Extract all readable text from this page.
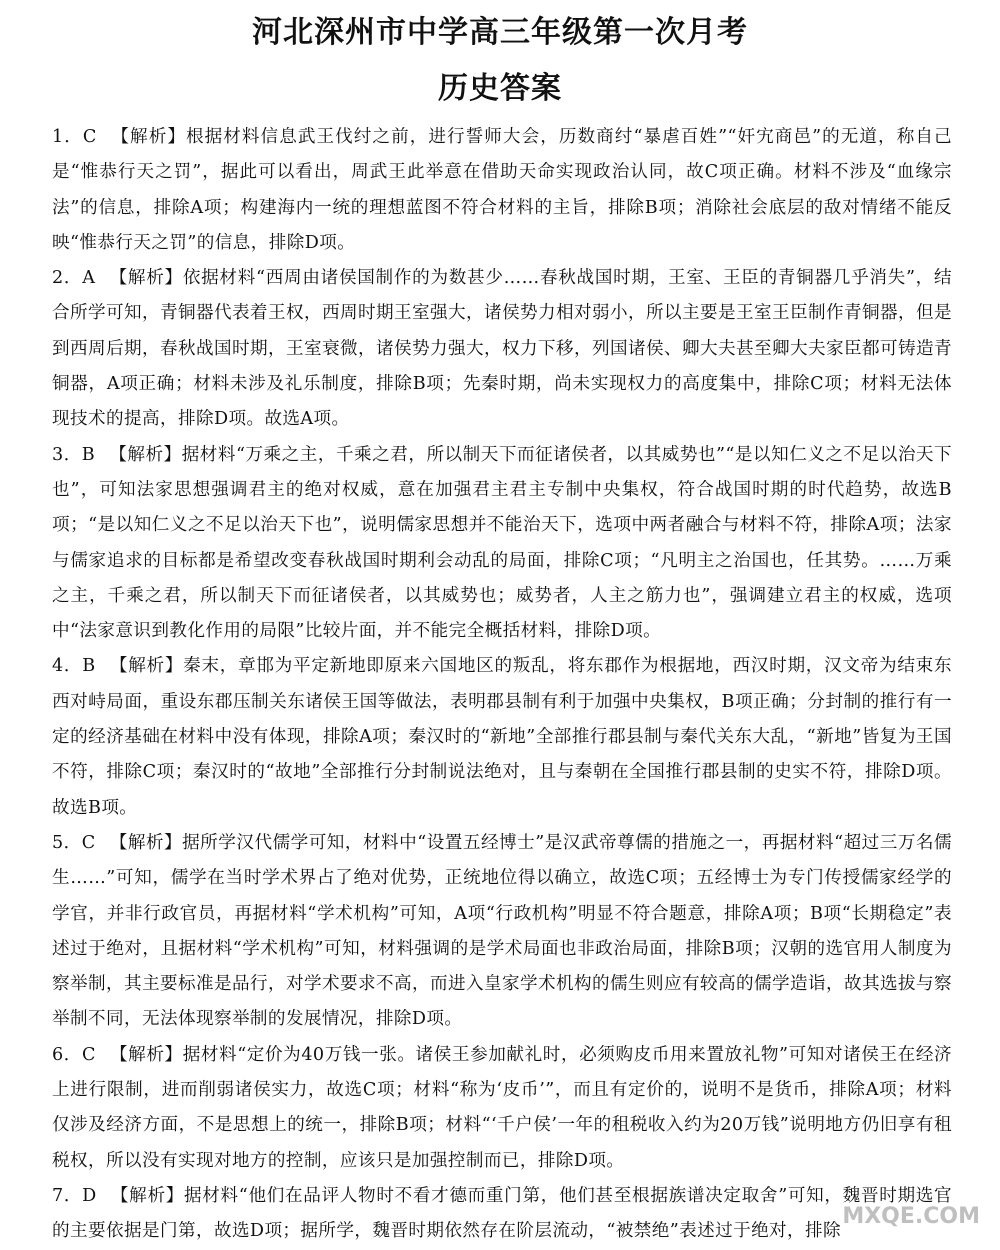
河北深州市中学高三年级第一次月考
历史答案

1．C 【解析】根据材料信息武王伐纣之前，进行誓师大会，历数商纣“暴虐百姓”“奸宄商邑”的无道，称自己是“惟恭行天之罚”，据此可以看出，周武王此举意在借助天命实现政治认同，故C项正确。材料不涉及“血缘宗法”的信息，排除A项；构建海内一统的理想蓝图不符合材料的主旨，排除B项；消除社会底层的敌对情绪不能反映“惟恭行天之罚”的信息，排除D项。

2．A 【解析】依据材料“西周由诸侯国制作的为数甚少……春秋战国时期，王室、王臣的青铜器几乎消失”，结合所学可知，青铜器代表着王权，西周时期王室强大，诸侯势力相对弱小，所以主要是王室王臣制作青铜器，但是到西周后期，春秋战国时期，王室衰微，诸侯势力强大，权力下移，列国诸侯、卿大夫甚至卿大夫家臣都可铸造青铜器，A项正确；材料未涉及礼乐制度，排除B项；先秦时期，尚未实现权力的高度集中，排除C项；材料无法体现技术的提高，排除D项。故选A项。

3．B 【解析】据材料“万乘之主，千乘之君，所以制天下而征诸侯者，以其威势也”“是以知仁义之不足以治天下也”，可知法家思想强调君主的绝对权威，意在加强君主君主专制中央集权，符合战国时期的时代趋势，故选B项；“是以知仁义之不足以治天下也”，说明儒家思想并不能治天下，选项中两者融合与材料不符，排除A项；法家与儒家追求的目标都是希望改变春秋战国时期利会动乱的局面，排除C项；“凡明主之治国也，任其势。……万乘之主，千乘之君，所以制天下而征诸侯者，以其威势也；威势者，人主之筋力也”，强调建立君主的权威，选项中“法家意识到教化作用的局限”比较片面，并不能完全概括材料，排除D项。

4．B 【解析】秦末，章邯为平定新地即原来六国地区的叛乱，将东郡作为根据地，西汉时期，汉文帝为结束东西对峙局面，重设东郡压制关东诸侯王国等做法，表明郡县制有利于加强中央集权，B项正确；分封制的推行有一定的经济基础在材料中没有体现，排除A项；秦汉时的“新地”全部推行郡县制与秦代关东大乱，“新地”皆复为王国不符，排除C项；秦汉时的“故地”全部推行分封制说法绝对，且与秦朝在全国推行郡县制的史实不符，排除D项。故选B项。

5．C 【解析】据所学汉代儒学可知，材料中“设置五经博士”是汉武帝尊儒的措施之一，再据材料“超过三万名儒生……”可知，儒学在当时学术界占了绝对优势，正统地位得以确立，故选C项；五经博士为专门传授儒家经学的学官，并非行政官员，再据材料“学术机构”可知，A项“行政机构”明显不符合题意，排除A项；B项“长期稳定”表述过于绝对，且据材料“学术机构”可知，材料强调的是学术局面也非政治局面，排除B项；汉朝的选官用人制度为察举制，其主要标准是品行，对学术要求不高，而进入皇家学术机构的儒生则应有较高的儒学造诣，故其选拔与察举制不同，无法体现察举制的发展情况，排除D项。

6．C 【解析】据材料“定价为40万钱一张。诸侯王参加献礼时，必须购皮币用来置放礼物”可知对诸侯王在经济上进行限制，进而削弱诸侯实力，故选C项；材料“称为‘皮币’”，而且有定价的，说明不是货币，排除A项；材料仅涉及经济方面，不是思想上的统一，排除B项；材料“‘千户侯’一年的租税收入约为20万钱”说明地方仍旧享有租税权，所以没有实现对地方的控制，应该只是加强控制而已，排除D项。

7．D 【解析】据材料“他们在品评人物时不看才德而重门第，他们甚至根据族谱决定取舍”可知，魏晋时期选官的主要依据是门第，故选D项；据所学，魏晋时期依然存在阶层流动，“被禁绝”表述过于绝对，排除

MXQE.COM
